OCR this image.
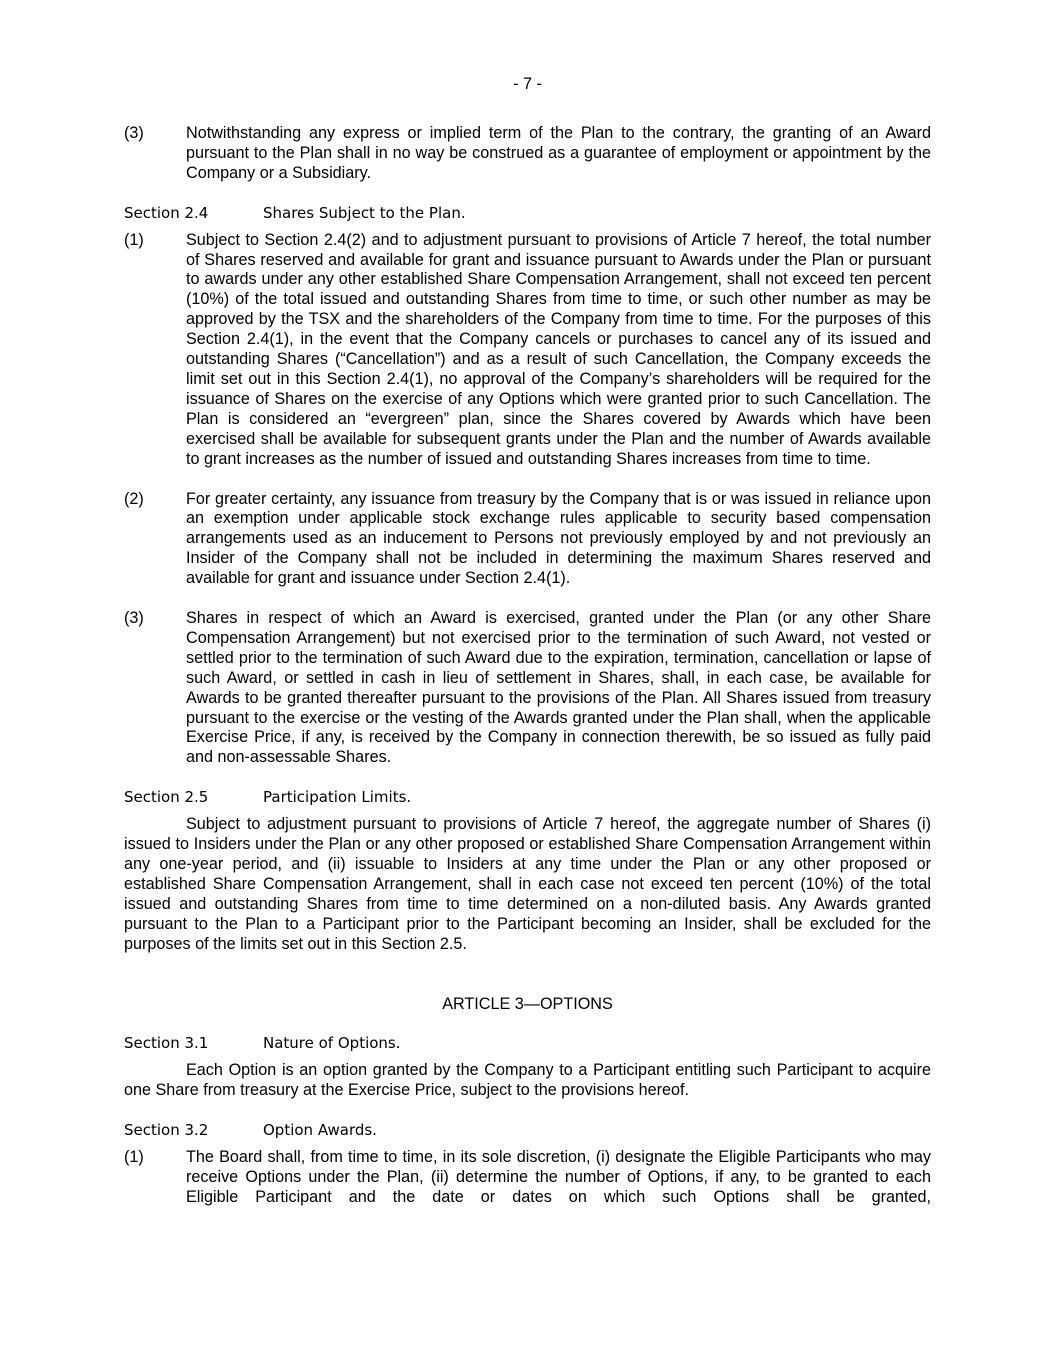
- 7 -
(3)	Notwithstanding any express or implied term of the Plan to the contrary, the granting of an Award pursuant to the Plan shall in no way be construed as a guarantee of employment or appointment by the Company or a Subsidiary.
Section 2.4	Shares Subject to the Plan.
(1)	Subject to Section 2.4(2) and to adjustment pursuant to provisions of Article 7 hereof, the total number of Shares reserved and available for grant and issuance pursuant to Awards under the Plan or pursuant to awards under any other established Share Compensation Arrangement, shall not exceed ten percent (10%) of the total issued and outstanding Shares from time to time, or such other number as may be approved by the TSX and the shareholders of the Company from time to time. For the purposes of this Section 2.4(1), in the event that the Company cancels or purchases to cancel any of its issued and outstanding Shares (“Cancellation”) and as a result of such Cancellation, the Company exceeds the limit set out in this Section 2.4(1), no approval of the Company’s shareholders will be required for the issuance of Shares on the exercise of any Options which were granted prior to such Cancellation. The Plan is considered an “evergreen” plan, since the Shares covered by Awards which have been exercised shall be available for subsequent grants under the Plan and the number of Awards available to grant increases as the number of issued and outstanding Shares increases from time to time.
(2)	For greater certainty, any issuance from treasury by the Company that is or was issued in reliance upon an exemption under applicable stock exchange rules applicable to security based compensation arrangements used as an inducement to Persons not previously employed by and not previously an Insider of the Company shall not be included in determining the maximum Shares reserved and available for grant and issuance under Section 2.4(1).
(3)	Shares in respect of which an Award is exercised, granted under the Plan (or any other Share Compensation Arrangement) but not exercised prior to the termination of such Award, not vested or settled prior to the termination of such Award due to the expiration, termination, cancellation or lapse of such Award, or settled in cash in lieu of settlement in Shares, shall, in each case, be available for Awards to be granted thereafter pursuant to the provisions of the Plan. All Shares issued from treasury pursuant to the exercise or the vesting of the Awards granted under the Plan shall, when the applicable Exercise Price, if any, is received by the Company in connection therewith, be so issued as fully paid and non-assessable Shares.
Section 2.5	Participation Limits.
Subject to adjustment pursuant to provisions of Article 7 hereof, the aggregate number of Shares (i) issued to Insiders under the Plan or any other proposed or established Share Compensation Arrangement within any one-year period, and (ii) issuable to Insiders at any time under the Plan or any other proposed or established Share Compensation Arrangement, shall in each case not exceed ten percent (10%) of the total issued and outstanding Shares from time to time determined on a non-diluted basis. Any Awards granted pursuant to the Plan to a Participant prior to the Participant becoming an Insider, shall be excluded for the purposes of the limits set out in this Section 2.5.
ARTICLE 3—OPTIONS
Section 3.1	Nature of Options.
Each Option is an option granted by the Company to a Participant entitling such Participant to acquire one Share from treasury at the Exercise Price, subject to the provisions hereof.
Section 3.2	Option Awards.
(1)	The Board shall, from time to time, in its sole discretion, (i) designate the Eligible Participants who may receive Options under the Plan, (ii) determine the number of Options, if any, to be granted to each Eligible Participant and the date or dates on which such Options shall be granted,
